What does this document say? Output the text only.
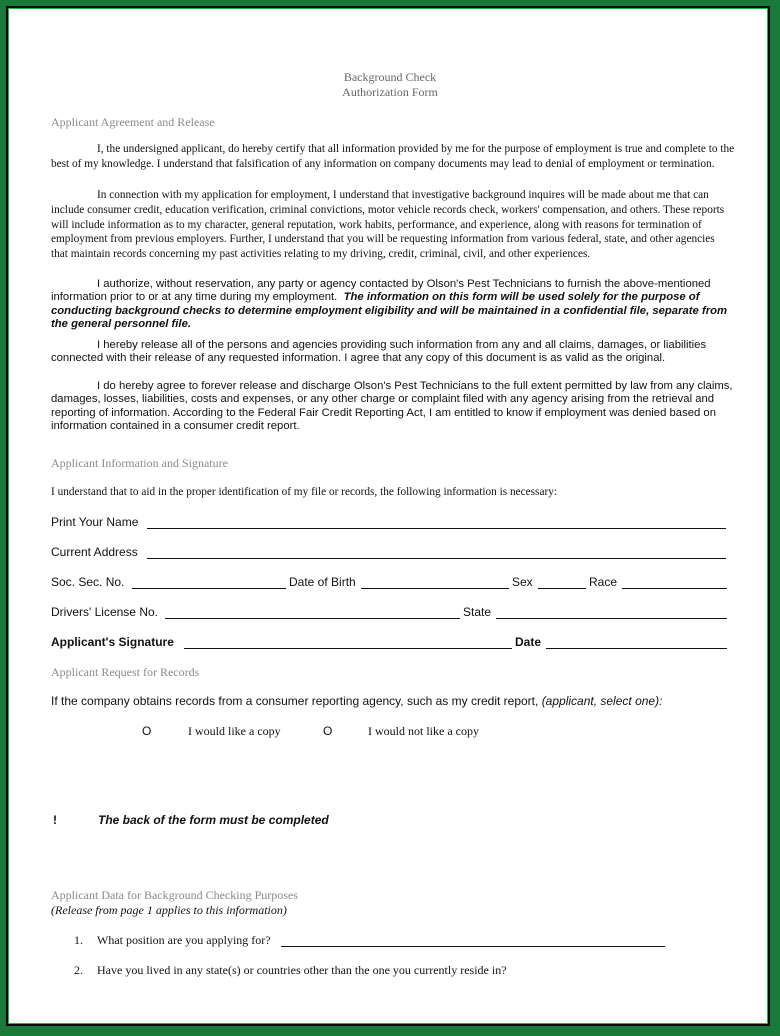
Background Check
Authorization Form
Applicant Agreement and Release
I, the undersigned applicant, do hereby certify that all information provided by me for the purpose of employment is true and complete to the best of my knowledge. I understand that falsification of any information on company documents may lead to denial of employment or termination.
In connection with my application for employment, I understand that investigative background inquires will be made about me that can include consumer credit, education verification, criminal convictions, motor vehicle records check, workers' compensation, and others. These reports will include information as to my character, general reputation, work habits, performance, and experience, along with reasons for termination of employment from previous employers. Further, I understand that you will be requesting information from various federal, state, and other agencies that maintain records concerning my past activities relating to my driving, credit, criminal, civil, and other experiences.
I authorize, without reservation, any party or agency contacted by Olson's Pest Technicians to furnish the above-mentioned information prior to or at any time during my employment. The information on this form will be used solely for the purpose of conducting background checks to determine employment eligibility and will be maintained in a confidential file, separate from the general personnel file.
I hereby release all of the persons and agencies providing such information from any and all claims, damages, or liabilities connected with their release of any requested information. I agree that any copy of this document is as valid as the original.
I do hereby agree to forever release and discharge Olson's Pest Technicians to the full extent permitted by law from any claims, damages, losses, liabilities, costs and expenses, or any other charge or complaint filed with any agency arising from the retrieval and reporting of information. According to the Federal Fair Credit Reporting Act, I am entitled to know if employment was denied based on information contained in a consumer credit report.
Applicant Information and Signature
I understand that to aid in the proper identification of my file or records, the following information is necessary:
Print Your Name
Current Address
Soc. Sec. No.	Date of Birth	Sex	Race
Drivers' License No.	State
Applicant's Signature	Date
Applicant Request for Records
If the company obtains records from a consumer reporting agency, such as my credit report, (applicant, select one):
O	I would like a copy	O	I would not like a copy
!	The back of the form must be completed
Applicant Data for Background Checking Purposes
(Release from page 1 applies to this information)
1. What position are you applying for?
2. Have you lived in any state(s) or countries other than the one you currently reside in?
